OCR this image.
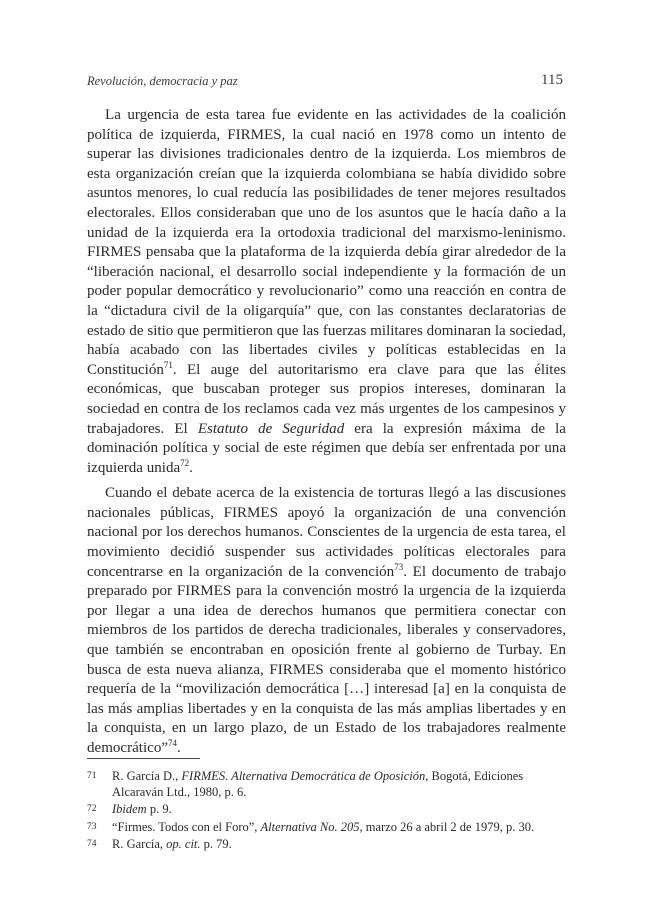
Revolución, democracia y paz	115

La urgencia de esta tarea fue evidente en las actividades de la coalición política de izquierda, FIRMES, la cual nació en 1978 como un intento de superar las divisiones tradicionales dentro de la izquierda. Los miembros de esta organización creían que la izquierda colombiana se había dividido sobre asuntos menores, lo cual reducía las posibilidades de tener mejores resultados electorales. Ellos consideraban que uno de los asuntos que le hacía daño a la unidad de la izquierda era la ortodoxia tradicional del marxismo-leninismo. FIRMES pensaba que la plataforma de la izquierda debía girar alrededor de la “liberación nacional, el desarrollo social independiente y la formación de un poder popular democrático y revolucionario” como una reacción en contra de la “dictadura civil de la oligarquía” que, con las constantes declaratorias de estado de sitio que permitieron que las fuerzas militares dominaran la sociedad, había acabado con las libertades civiles y políticas establecidas en la Constitución$^{71}$. El auge del autoritarismo era clave para que las élites económicas, que buscaban proteger sus propios intereses, dominaran la sociedad en contra de los reclamos cada vez más urgentes de los campesinos y trabajadores. El Estatuto de Seguridad era la expresión máxima de la dominación política y social de este régimen que debía ser enfrentada por una izquierda unida$^{72}$.

Cuando el debate acerca de la existencia de torturas llegó a las discusiones nacionales públicas, FIRMES apoyó la organización de una convención nacional por los derechos humanos. Conscientes de la urgencia de esta tarea, el movimiento decidió suspender sus actividades políticas electorales para concentrarse en la organización de la convención$^{73}$. El documento de trabajo preparado por FIRMES para la convención mostró la urgencia de la izquierda por llegar a una idea de derechos humanos que permitiera conectar con miembros de los partidos de derecha tradicionales, liberales y conservadores, que también se encontraban en oposición frente al gobierno de Turbay. En busca de esta nueva alianza, FIRMES consideraba que el momento histórico requería de la “movilización democrática […] interesad [a] en la conquista de las más amplias libertades y en la conquista de las más amplias libertades y en la conquista, en un largo plazo, de un Estado de los trabajadores realmente democrático”$^{74}$.

71 R. García D., FIRMES. Alternativa Democrática de Oposición, Bogotá, Ediciones Alcaraván Ltd., 1980, p. 6.
72 Ibidem p. 9.
73 “Firmes. Todos con el Foro”, Alternativa No. 205, marzo 26 a abril 2 de 1979, p. 30.
74 R. García, op. cit. p. 79.
